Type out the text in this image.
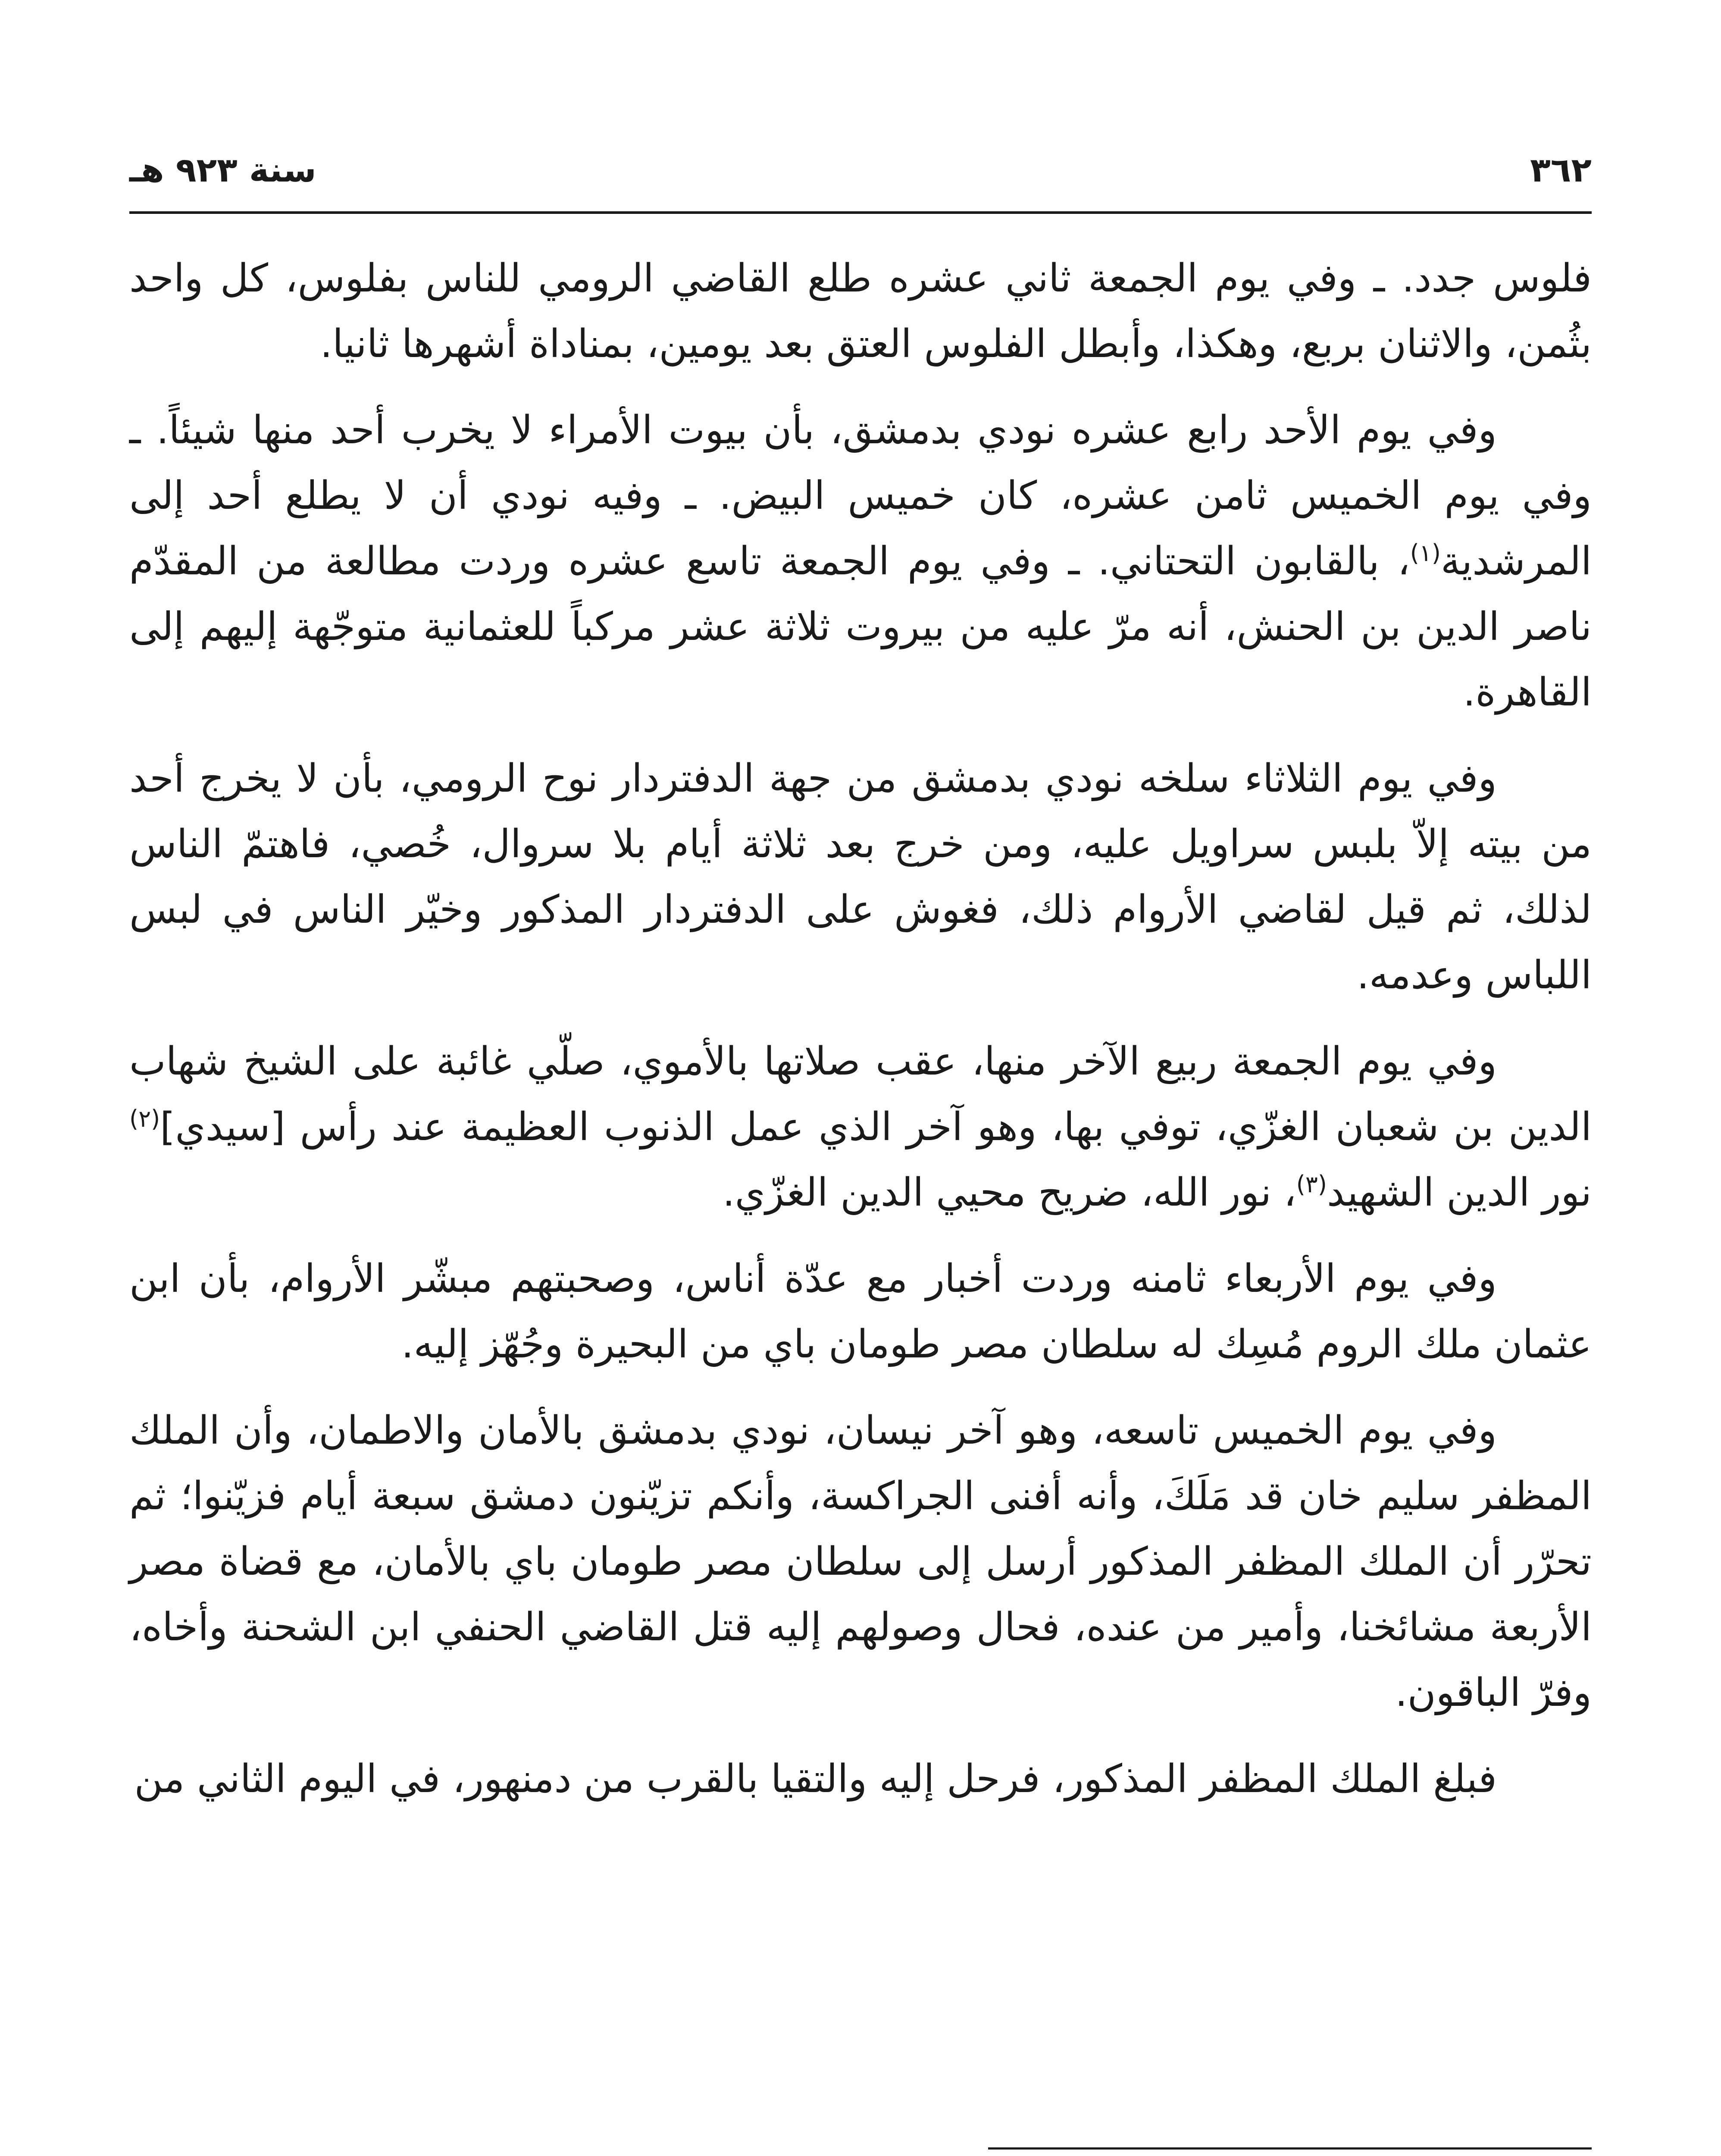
٣٦٢
سنة ٩٢٣ هـ

فلوس جدد. ـ وفي يوم الجمعة ثاني عشره طلع القاضي الرومي للناس بفلوس، كل واحد بثُمن، والاثنان بربع، وهكذا، وأبطل الفلوس العتق بعد يومين، بمناداة أشهرها ثانيا.

وفي يوم الأحد رابع عشره نودي بدمشق، بأن بيوت الأمراء لا يخرب أحد منها شيئاً. ـ وفي يوم الخميس ثامن عشره، كان خميس البيض. ـ وفيه نودي أن لا يطلع أحد إلى المرشدية$^{(١)}$، بالقابون التحتاني. ـ وفي يوم الجمعة تاسع عشره وردت مطالعة من المقدّم ناصر الدين بن الحنش، أنه مرّ عليه من بيروت ثلاثة عشر مركباً للعثمانية متوجّهة إليهم إلى القاهرة.

وفي يوم الثلاثاء سلخه نودي بدمشق من جهة الدفتردار نوح الرومي، بأن لا يخرج أحد من بيته إلاّ بلبس سراويل عليه، ومن خرج بعد ثلاثة أيام بلا سروال، خُصي، فاهتمّ الناس لذلك، ثم قيل لقاضي الأروام ذلك، فغوش على الدفتردار المذكور وخيّر الناس في لبس اللباس وعدمه.

وفي يوم الجمعة ربيع الآخر منها، عقب صلاتها بالأموي، صلّي غائبة على الشيخ شهاب الدين بن شعبان الغزّي، توفي بها، وهو آخر الذي عمل الذنوب العظيمة عند رأس [سيدي]$^{(٢)}$ نور الدين الشهيد$^{(٣)}$، نور الله، ضريح محيي الدين الغزّي.

وفي يوم الأربعاء ثامنه وردت أخبار مع عدّة أناس، وصحبتهم مبشّر الأروام، بأن ابن عثمان ملك الروم مُسِك له سلطان مصر طومان باي من البحيرة وجُهّز إليه.

وفي يوم الخميس تاسعه، وهو آخر نيسان، نودي بدمشق بالأمان والاطمان، وأن الملك المظفر سليم خان قد مَلَكَ، وأنه أفنى الجراكسة، وأنكم تزيّنون دمشق سبعة أيام فزيّنوا؛ ثم تحرّر أن الملك المظفر المذكور أرسل إلى سلطان مصر طومان باي بالأمان، مع قضاة مصر الأربعة مشائخنا، وأمير من عنده، فحال وصولهم إليه قتل القاضي الحنفي ابن الشحنة وأخاه، وفرّ الباقون.

فبلغ الملك المظفر المذكور، فرحل إليه والتقيا بالقرب من دمنهور، في اليوم الثاني من
